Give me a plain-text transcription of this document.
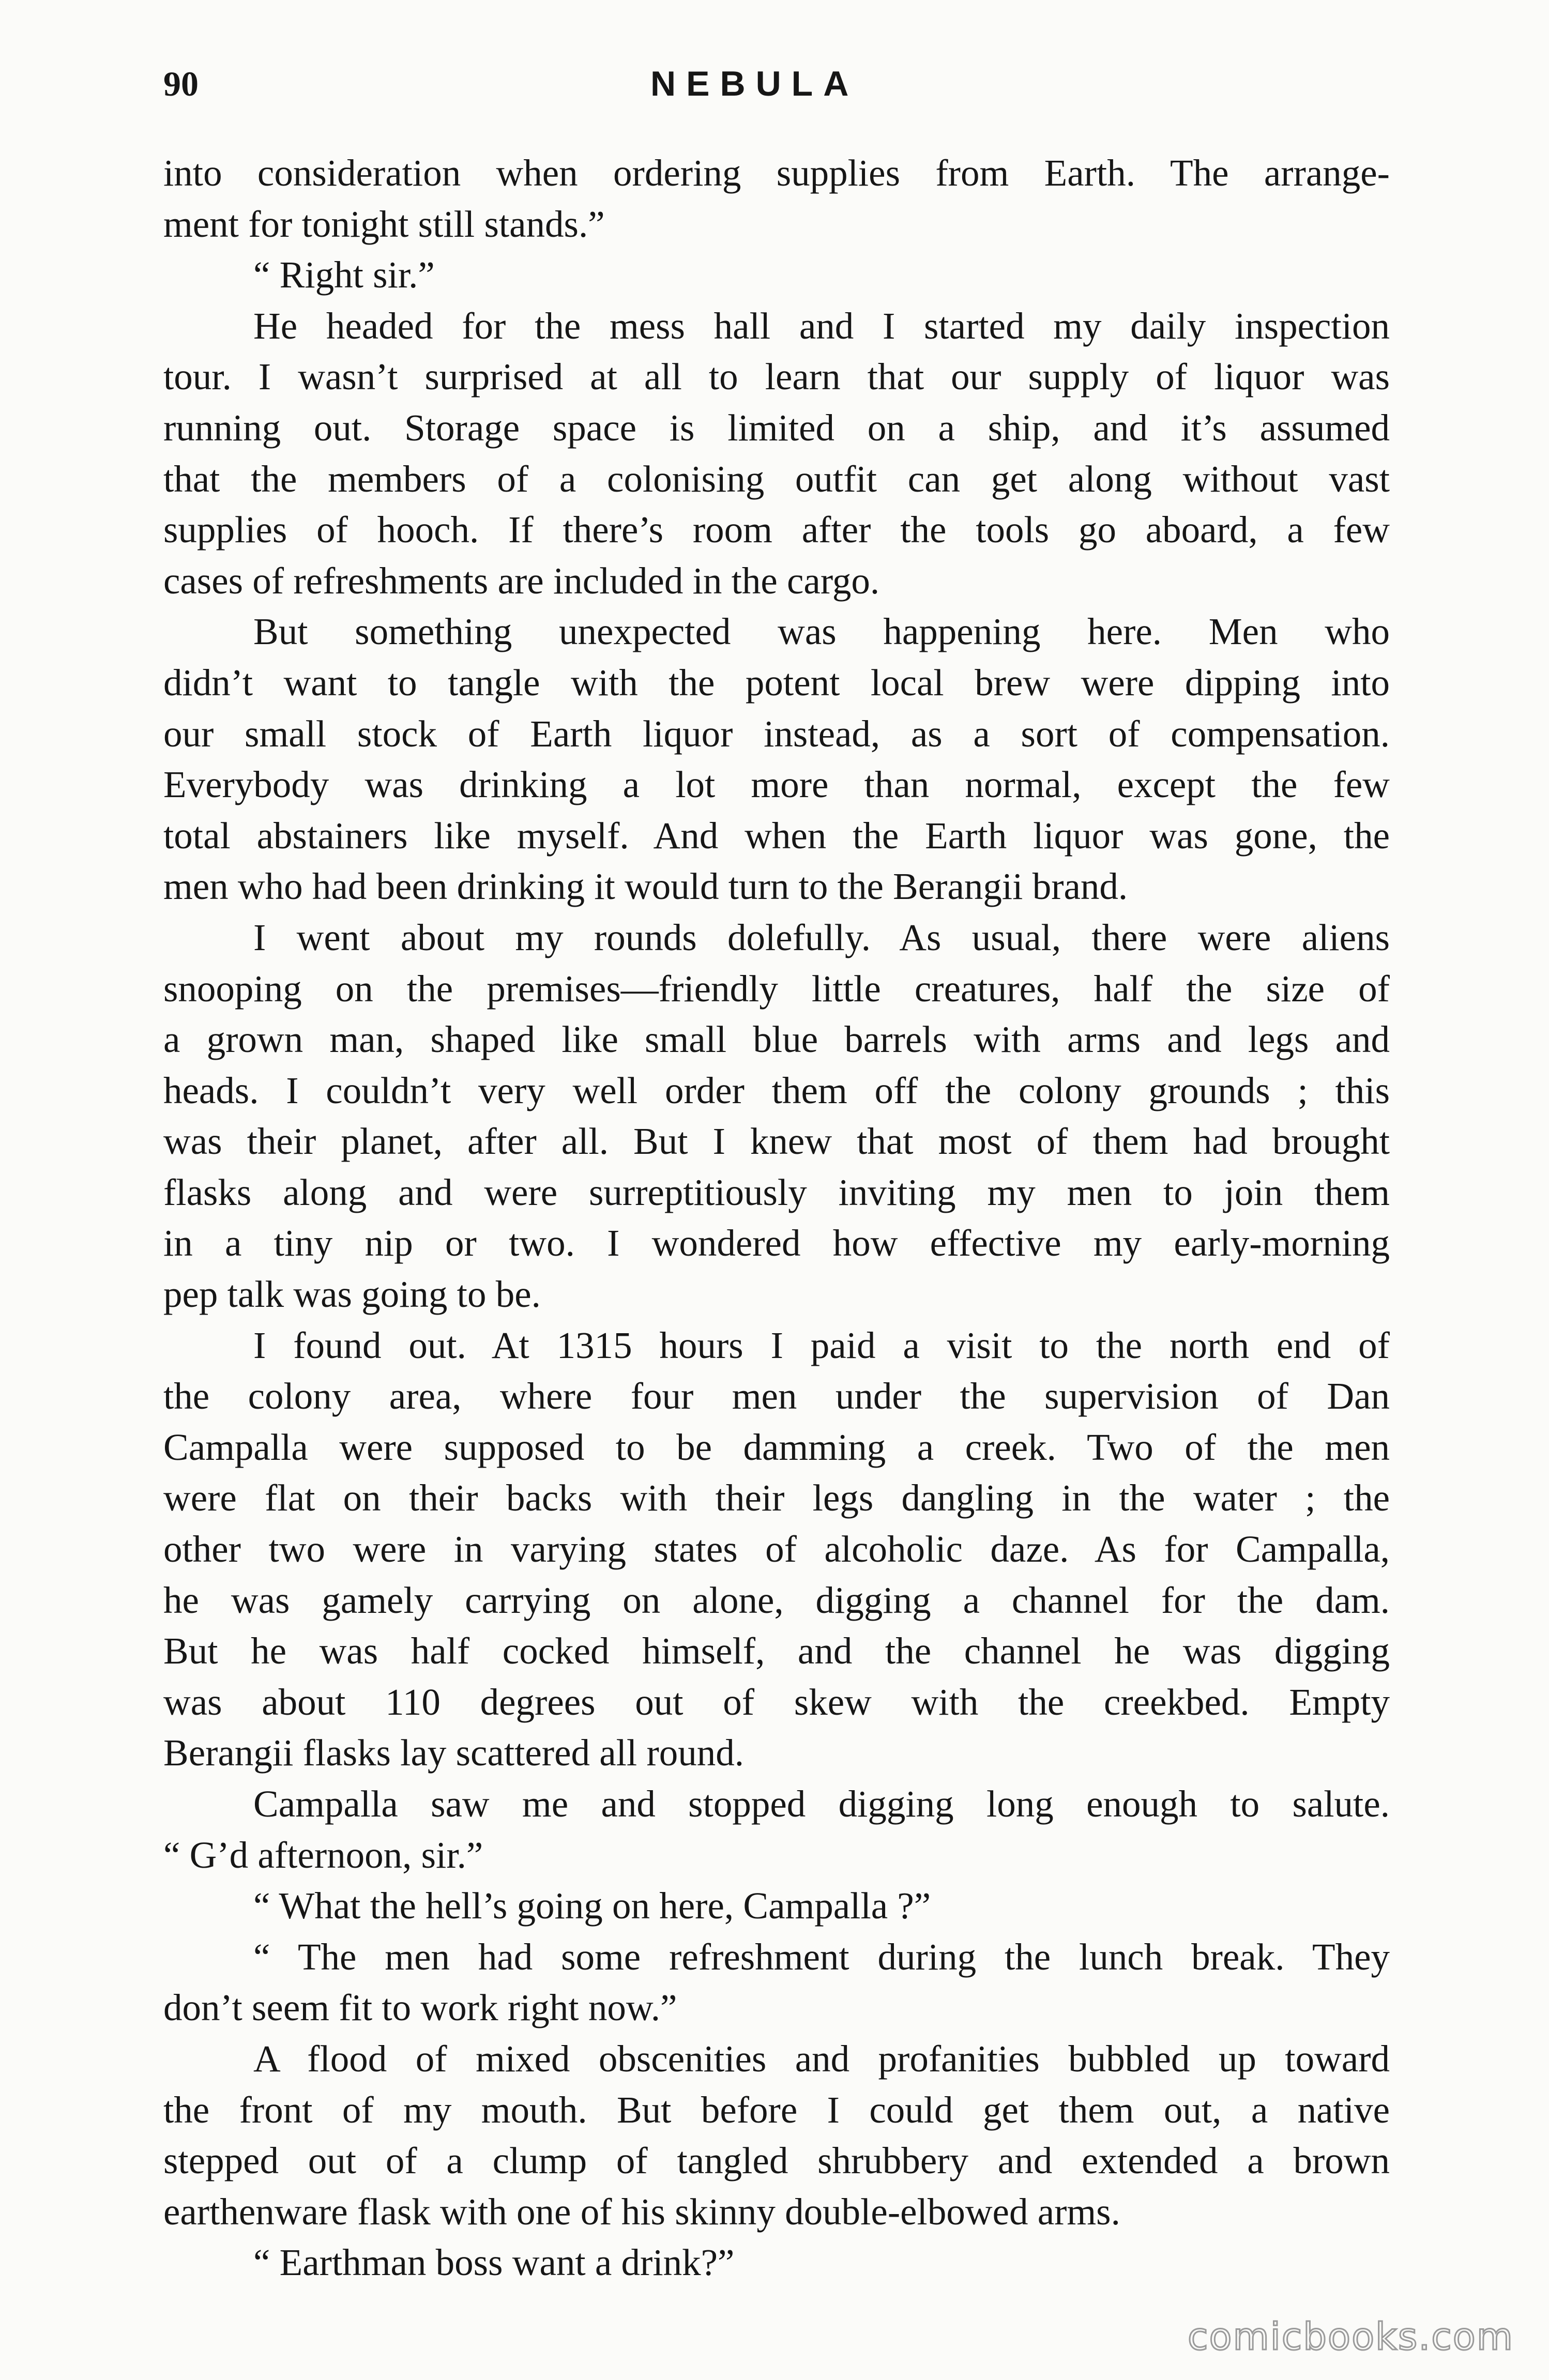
90	NEBULA
into consideration when ordering supplies from Earth. The arrange-
ment for tonight still stands.”
“ Right sir.”
He headed for the mess hall and I started my daily inspection
tour. I wasn’t surprised at all to learn that our supply of liquor was
running out. Storage space is limited on a ship, and it’s assumed
that the members of a colonising outfit can get along without vast
supplies of hooch. If there’s room after the tools go aboard, a few
cases of refreshments are included in the cargo.
But something unexpected was happening here. Men who
didn’t want to tangle with the potent local brew were dipping into
our small stock of Earth liquor instead, as a sort of compensation.
Everybody was drinking a lot more than normal, except the few
total abstainers like myself. And when the Earth liquor was gone, the
men who had been drinking it would turn to the Berangii brand.
I went about my rounds dolefully. As usual, there were aliens
snooping on the premises—friendly little creatures, half the size of
a grown man, shaped like small blue barrels with arms and legs and
heads. I couldn’t very well order them off the colony grounds ; this
was their planet, after all. But I knew that most of them had brought
flasks along and were surreptitiously inviting my men to join them
in a tiny nip or two. I wondered how effective my early-morning
pep talk was going to be.
I found out. At 1315 hours I paid a visit to the north end of
the colony area, where four men under the supervision of Dan
Campalla were supposed to be damming a creek. Two of the men
were flat on their backs with their legs dangling in the water ; the
other two were in varying states of alcoholic daze. As for Campalla,
he was gamely carrying on alone, digging a channel for the dam.
But he was half cocked himself, and the channel he was digging
was about 110 degrees out of skew with the creekbed. Empty
Berangii flasks lay scattered all round.
Campalla saw me and stopped digging long enough to salute.
“ G’d afternoon, sir.”
“ What the hell’s going on here, Campalla ?”
“ The men had some refreshment during the lunch break. They
don’t seem fit to work right now.”
A flood of mixed obscenities and profanities bubbled up toward
the front of my mouth. But before I could get them out, a native
stepped out of a clump of tangled shrubbery and extended a brown
earthenware flask with one of his skinny double-elbowed arms.
“ Earthman boss want a drink?”
comicbooks.com
